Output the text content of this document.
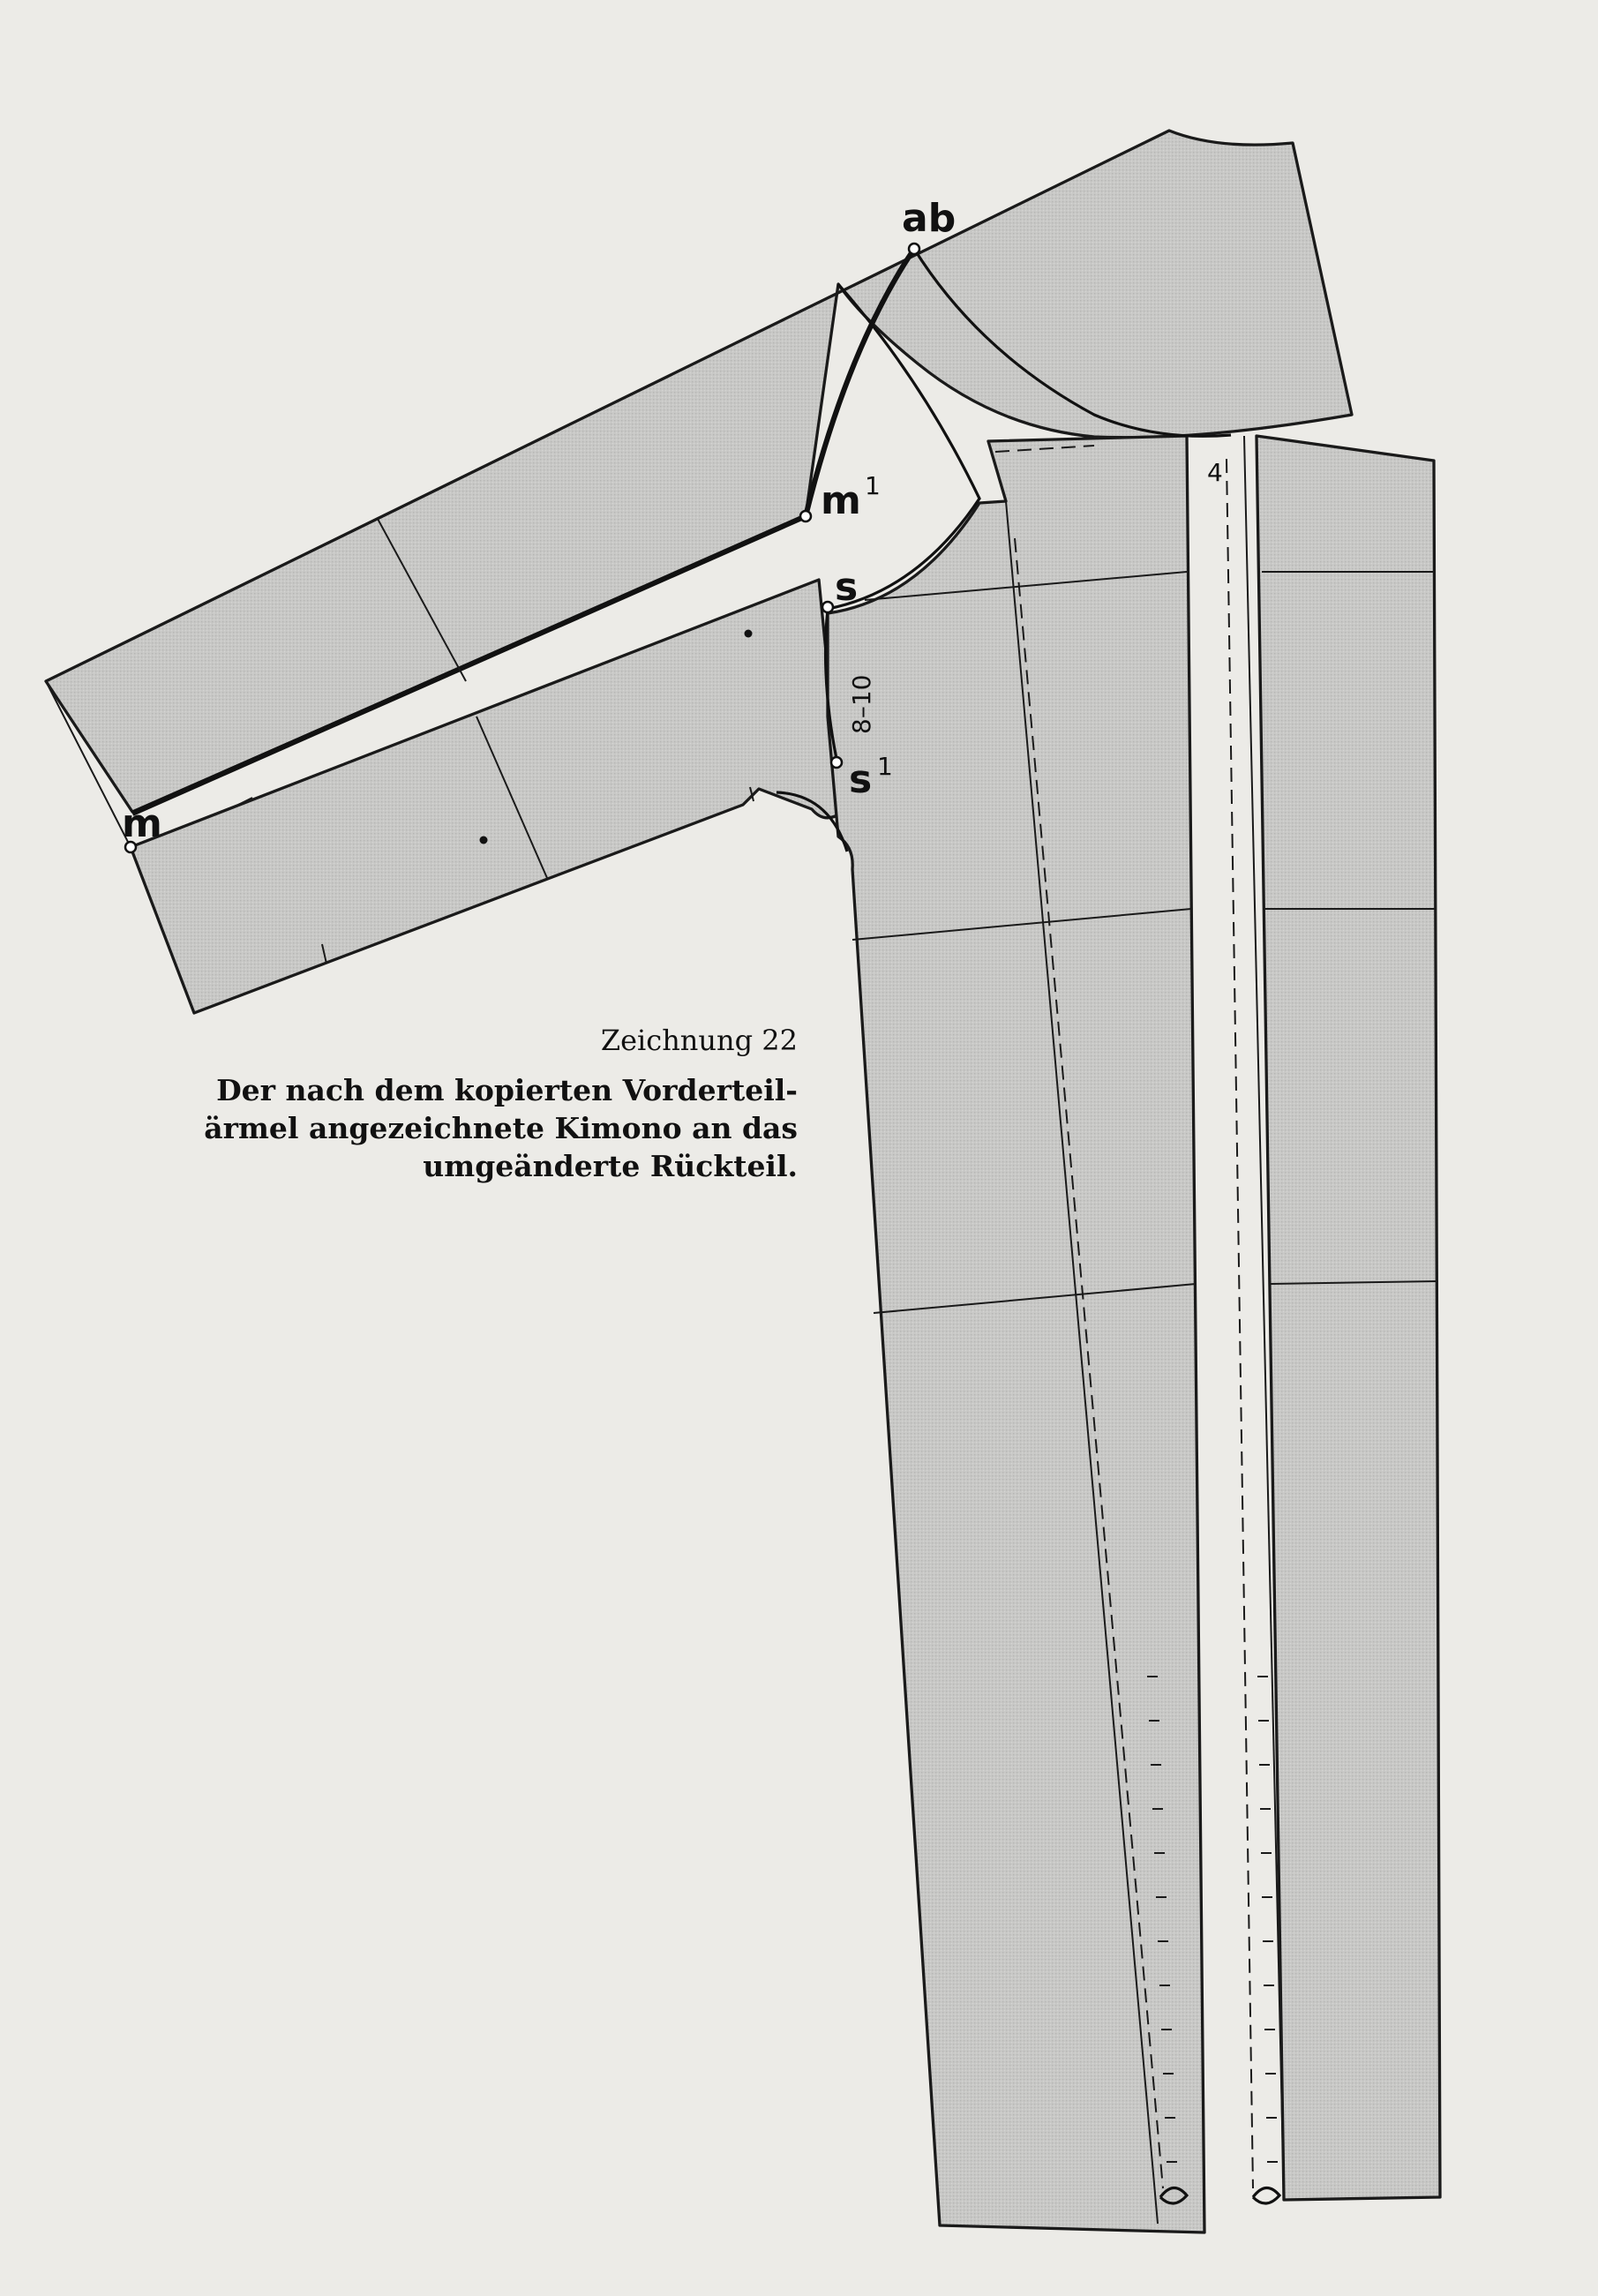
ab
m 1
s
s 1
m
8–10
4
Zeichnung 22
Der nach dem kopierten Vorderteil-
ärmel angezeichnete Kimono an das
umgeänderte Rückteil.
